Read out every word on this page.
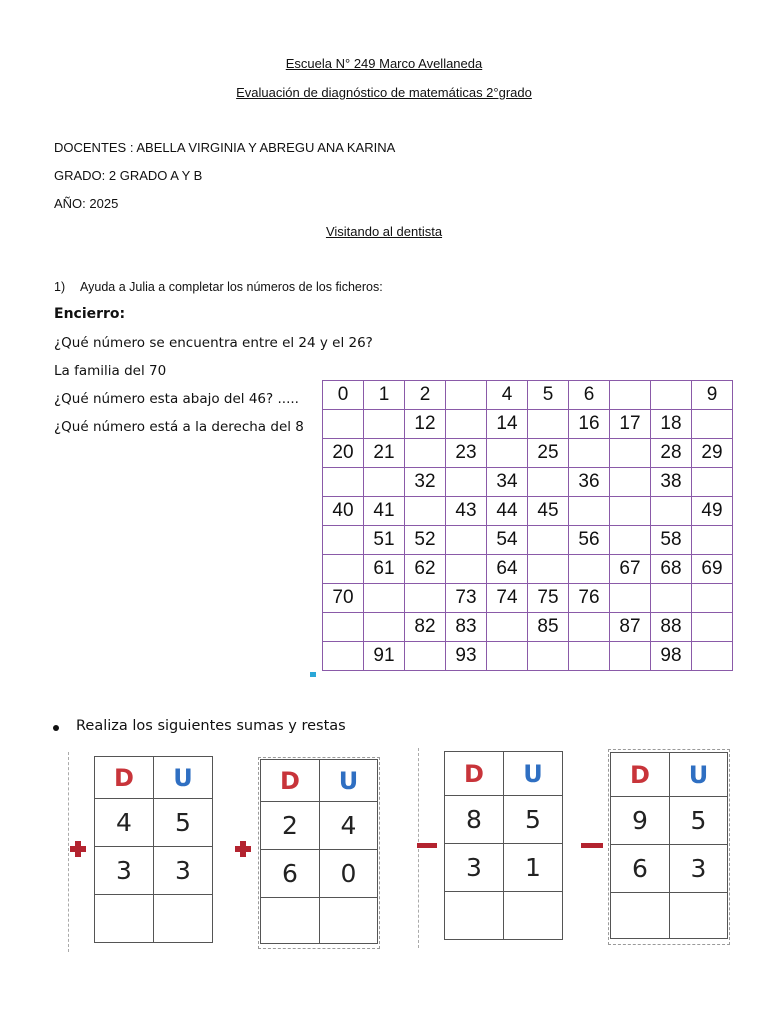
Escuela N° 249 Marco Avellaneda
Evaluación de diagnóstico de matemáticas 2°grado
DOCENTES : ABELLA VIRGINIA Y ABREGU ANA KARINA
GRADO: 2 GRADO A Y B
AÑO: 2025
Visitando al dentista
1) Ayuda a Julia a completar los números de los ficheros:
Encierro:
¿Qué número se encuentra entre el 24 y el 26?
La familia del 70
¿Qué número esta abajo del 46? .....
¿Qué número está a la derecha del 8
0	1	2		4	5	6			9
		12		14		16	17	18	
20	21		23		25			28	29
		32		34		36		38	
40	41		43	44	45				49
	51	52		54		56		58	
	61	62		64			67	68	69
70			73	74	75	76			
		82	83		85		87	88	
	91		93					98	
Realiza los siguientes sumas y restas
D	U
4	5
3	3

D	U
2	4
6	0

D	U
8	5
3	1

D	U
9	5
6	3
